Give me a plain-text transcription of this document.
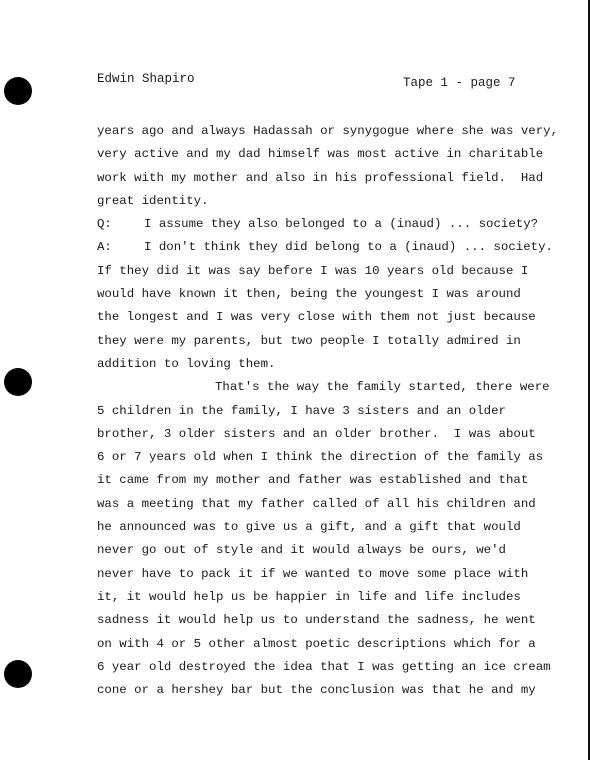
Edwin Shapiro	Tape 1 - page 7
years ago and always Hadassah or synygogue where she was very,
very active and my dad himself was most active in charitable
work with my mother and also in his professional field.  Had
great identity.
Q:	I assume they also belonged to a (inaud) ... society?
A:	I don't think they did belong to a (inaud) ... society.
If they did it was say before I was 10 years old because I
would have known it then, being the youngest I was around
the longest and I was very close with them not just because
they were my parents, but two people I totally admired in
addition to loving them.
That's the way the family started, there were
5 children in the family, I have 3 sisters and an older
brother, 3 older sisters and an older brother.  I was about
6 or 7 years old when I think the direction of the family as
it came from my mother and father was established and that
was a meeting that my father called of all his children and
he announced was to give us a gift, and a gift that would
never go out of style and it would always be ours, we'd
never have to pack it if we wanted to move some place with
it, it would help us be happier in life and life includes
sadness it would help us to understand the sadness, he went
on with 4 or 5 other almost poetic descriptions which for a
6 year old destroyed the idea that I was getting an ice cream
cone or a hershey bar but the conclusion was that he and my
